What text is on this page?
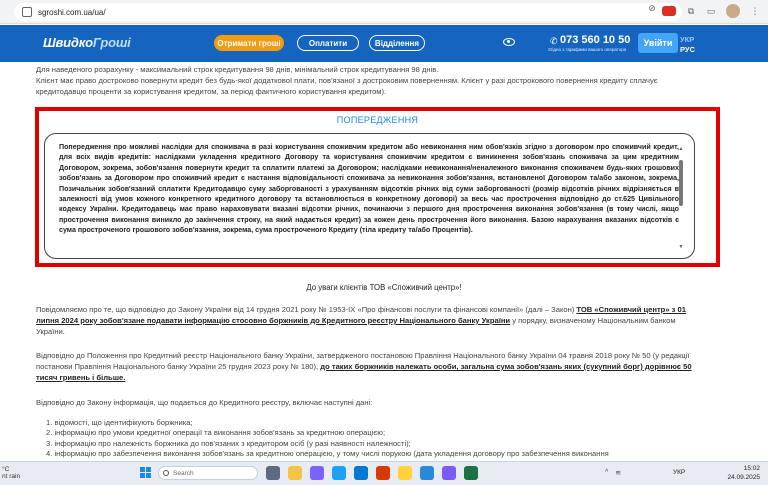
sgroshi.com.ua/ua/	⊘	⧉ ▭	⋮
ШвидкоГроші	Отримати гроші	Оплатити	Відділення	✆ 073 560 10 50
Згідно з тарифами вашого оператора
Увійти	УКР
РУС
Для наведеного розрахунку - максимальний строк кредитування 98 днів, мінімальний строк кредитування 98 днів.
Клієнт має право достроково повернути кредит без будь-якої додаткової плати, пов'язаної з достроковим поверненням. Клієнт у разі дострокового повернення кредиту сплачує кредитодавцю проценти за користування кредитом, за період фактичного користування кредитом).
ПОПЕРЕДЖЕННЯ
Попередження про можливі наслідки для споживача в разі користування споживчим кредитом або невиконання ним обов'язків згідно з договором про споживчий кредит, для всіх видів кредитів: наслідками укладення кредитного Договору та користування споживчим кредитом є виникнення зобов'язань споживача за цим кредитним Договором, зокрема, зобов'язання повернути кредит та сплатити платежі за Договором; наслідками невиконання/неналежного виконання споживачем будь-яких грошових зобов'язань за Договором про споживчий кредит є настання відповідальності споживача за невиконання зобов'язання, встановленої Договором та/або законом, зокрема, Позичальник зобов'язаний сплатити Кредитодавцю суму заборгованості з урахуванням відсотків річних від суми заборгованості (розмір відсотків річних відрізняється в залежності від умов кожного конкретного кредитного договору та встановлюється в конкретному договорі) за весь час прострочення відповідно до ст.625 Цивільного кодексу України. Кредитодавець має право нараховувати вказані відсотки річних, починаючи з першого дня прострочення виконання зобов'язання (в тому числі, якщо прострочення виконання виникло до закінчення строку, на який надається кредит) за кожен день прострочення його виконання. Базою нарахування вказаних відсотків є сума простроченого грошового зобов'язання, зокрема, сума простроченого Кредиту (тіла кредиту та/або Процентів).
▲
▼
До уваги клієнтів ТОВ «Споживчий центр»!
Повідомляємо про те, що відповідно до Закону України від 14 грудня 2021 року № 1953-IX «Про фінансові послуги та фінансові компанії» (далі – Закон) ТОВ «Споживчий центр» з 01 липня 2024 року зобов'язане подавати інформацію стосовно боржників до Кредитного реєстру Національного банку України у порядку, визначеному Національним банком України.
Відповідно до Положення про Кредитний реєстр Національного банку України, затвердженого постановою Правління Національного банку України 04 травня 2018 року № 50 (у редакції постанови Правління Національного банку України 25 грудня 2023 року № 180), до таких боржників належать особи, загальна сума зобов'язань яких (сукупний борг) дорівнює 50 тисяч гривень і більше.
Відповідно до Закону інформація, що подається до Кредитного реєстру, включає наступні дані:
1. відомості, що ідентифікують боржника;
2. інформацію про умови кредитної операції та виконання зобов'язань за кредитною операцією;
3. інформацію про належність боржника до пов'язаних з кредитором осіб (у разі наявності належності);
4. інформацію про забезпечення виконання зобов'язань за кредитною операцією, у тому числі порукою (дата укладення договору про забезпечення виконання
°C
nt rain	Search	^ ≋	УКР
15:02
24.09.2025
